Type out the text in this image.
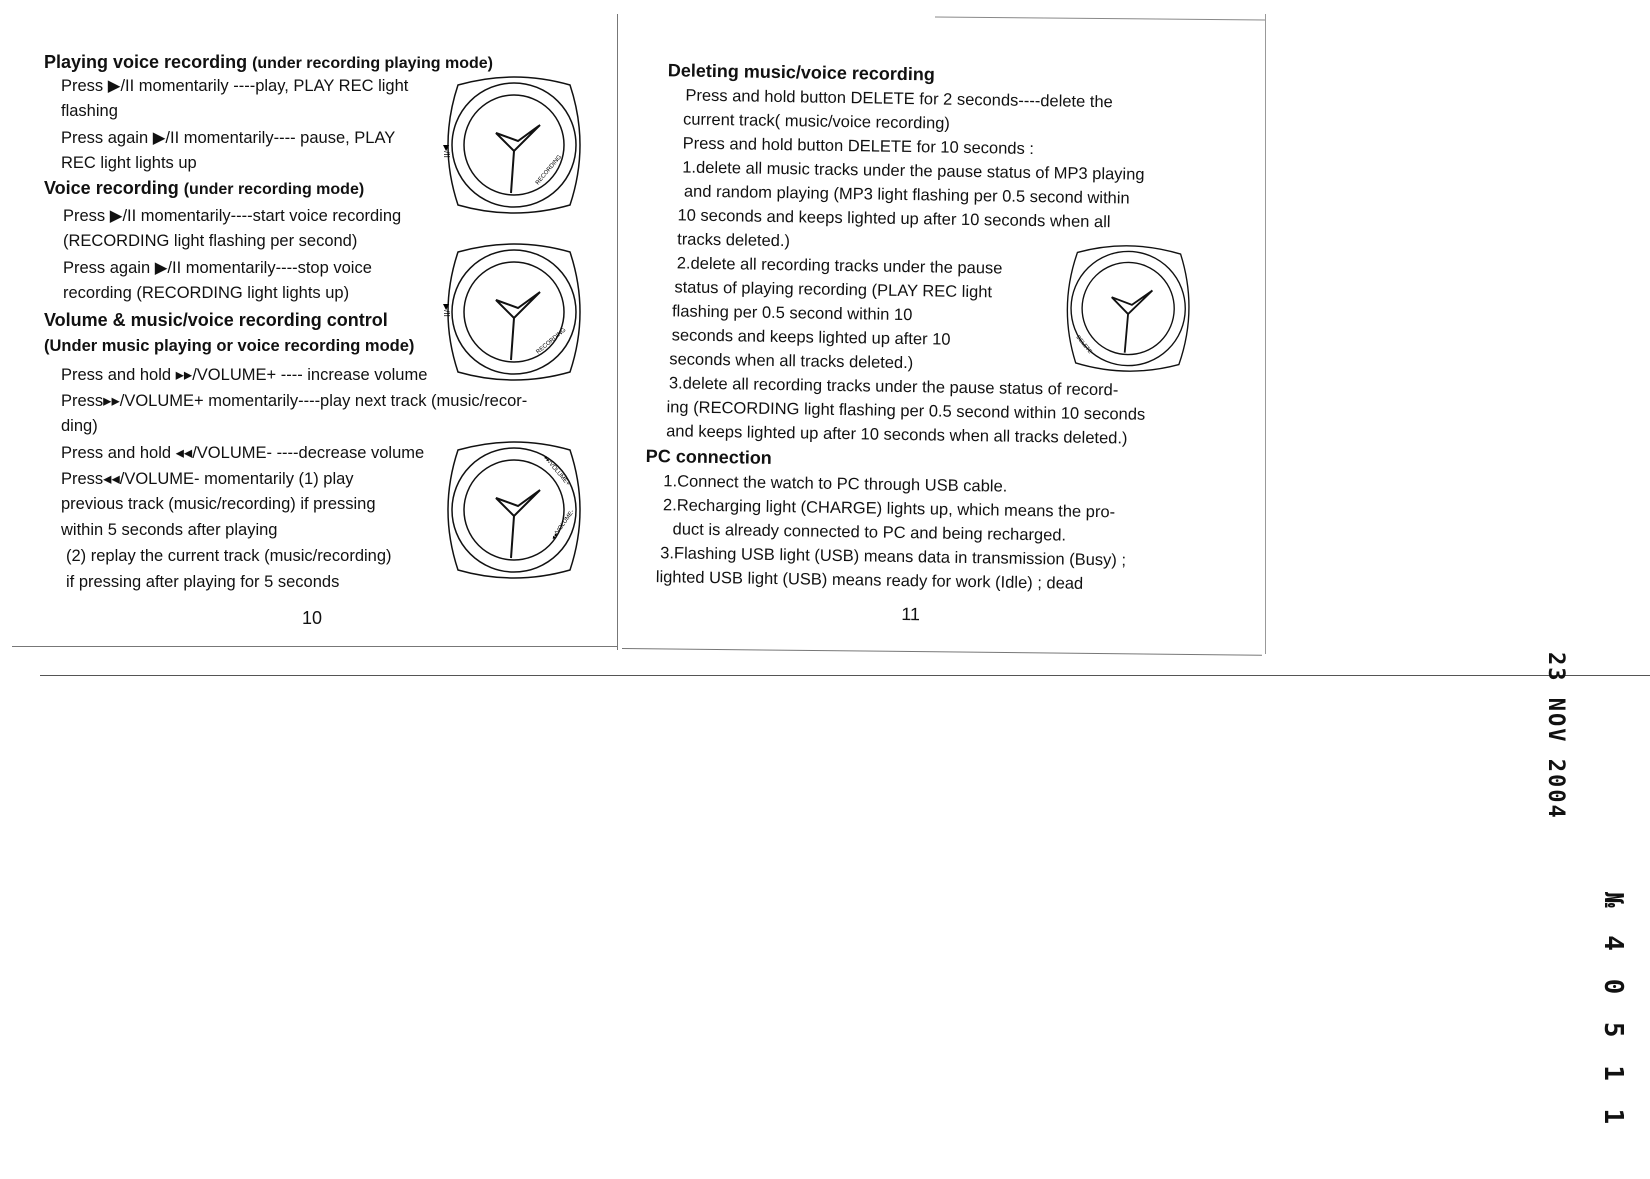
Playing voice recording (under recording playing mode)
Press ▶/II momentarily ----play, PLAY REC light
flashing
Press again ▶/II momentarily---- pause, PLAY
REC light lights up
Voice recording (under recording mode)
Press ▶/II momentarily----start voice recording
(RECORDING light flashing per second)
Press again ▶/II momentarily----stop voice
recording (RECORDING light lights up)
Volume & music/voice recording control
(Under music playing or voice recording mode)
Press and hold ▸▸/VOLUME+ ---- increase volume
Press▸▸/VOLUME+ momentarily----play next track (music/recor-
ding)
Press and hold ◂◂/VOLUME- ----decrease volume
Press◂◂/VOLUME- momentarily (1) play
previous track (music/recording) if pressing
within 5 seconds after playing
(2) replay the current track (music/recording)
if pressing after playing for 5 seconds
10
▶/II
RECORDING
▶/II
RECORDING
▸▸/VOLUME+
◂◂/VOLUME-
Deleting music/voice recording
Press and hold button DELETE for 2 seconds----delete the
current track( music/voice recording)
Press and hold button DELETE for 10 seconds :
1.delete all music tracks under the pause status of MP3 playing
and random playing (MP3 light flashing per 0.5 second within
10 seconds and keeps lighted up after 10 seconds when all
tracks deleted.)
2.delete all recording tracks under the pause
status of playing recording (PLAY REC light
flashing per 0.5 second within 10
seconds and keeps lighted up after 10
seconds when all tracks deleted.)
3.delete all recording tracks under the pause status of record-
ing (RECORDING light flashing per 0.5 second within 10 seconds
and keeps lighted up after 10 seconds when all tracks deleted.)
PC connection
1.Connect the watch to PC through USB cable.
2.Recharging light (CHARGE) lights up, which means the pro-
duct is already connected to PC and being recharged.
3.Flashing USB light (USB) means data in transmission (Busy) ;
lighted USB light (USB) means ready for work (Idle) ; dead
11
DELETE
23 NOV 2004
№ 4 0 5 1 1
